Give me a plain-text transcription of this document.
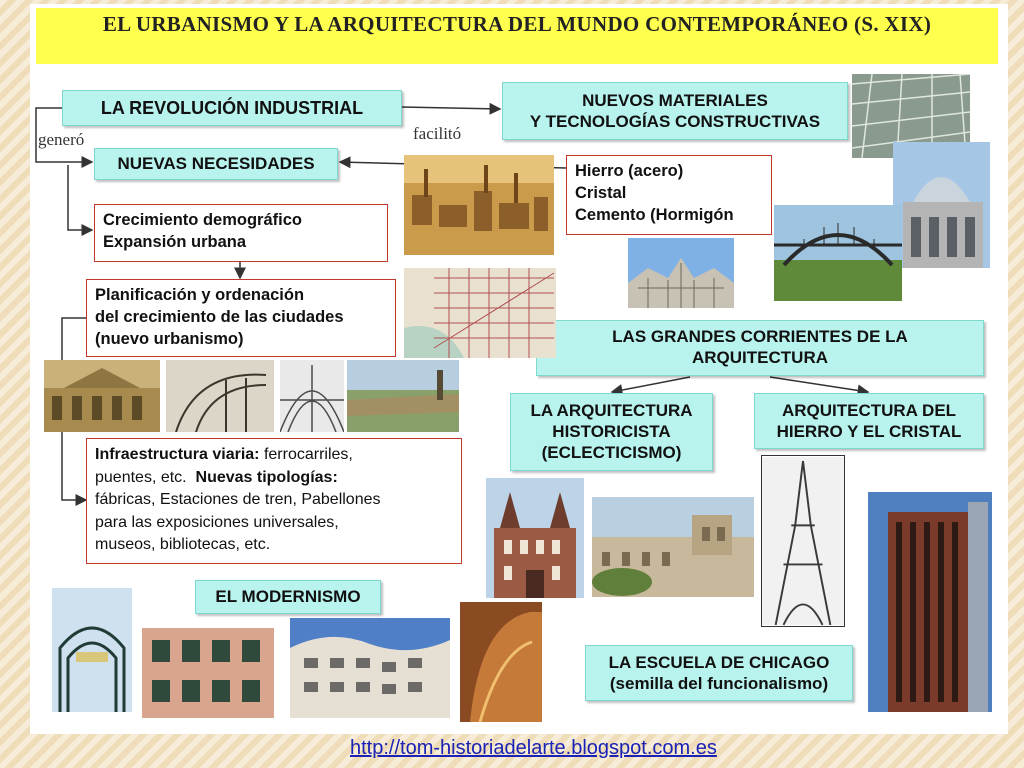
EL URBANISMO Y LA ARQUITECTURA DEL MUNDO CONTEMPORÁNEO (S. XIX)
LA REVOLUCIÓN INDUSTRIAL
generó	facilitó
NUEVAS NECESIDADES
NUEVOS MATERIALES
Y TECNOLOGÍAS CONSTRUCTIVAS
Hierro (acero)
Cristal
Cemento (Hormigón
Crecimiento demográfico
Expansión urbana
Planificación y ordenación
del crecimiento de las ciudades
(nuevo urbanismo)
Infraestructura viaria: ferrocarriles,
puentes, etc. Nuevas tipologías:
fábricas, Estaciones de tren, Pabellones
para las exposiciones universales,
museos, bibliotecas, etc.
LAS GRANDES CORRIENTES DE LA
ARQUITECTURA
LA ARQUITECTURA
HISTORICISTA
(ECLECTICISMO)
ARQUITECTURA DEL
HIERRO Y EL CRISTAL
EL MODERNISMO
LA ESCUELA DE CHICAGO
(semilla del funcionalismo)
http://tom-historiadelarte.blogspot.com.es
